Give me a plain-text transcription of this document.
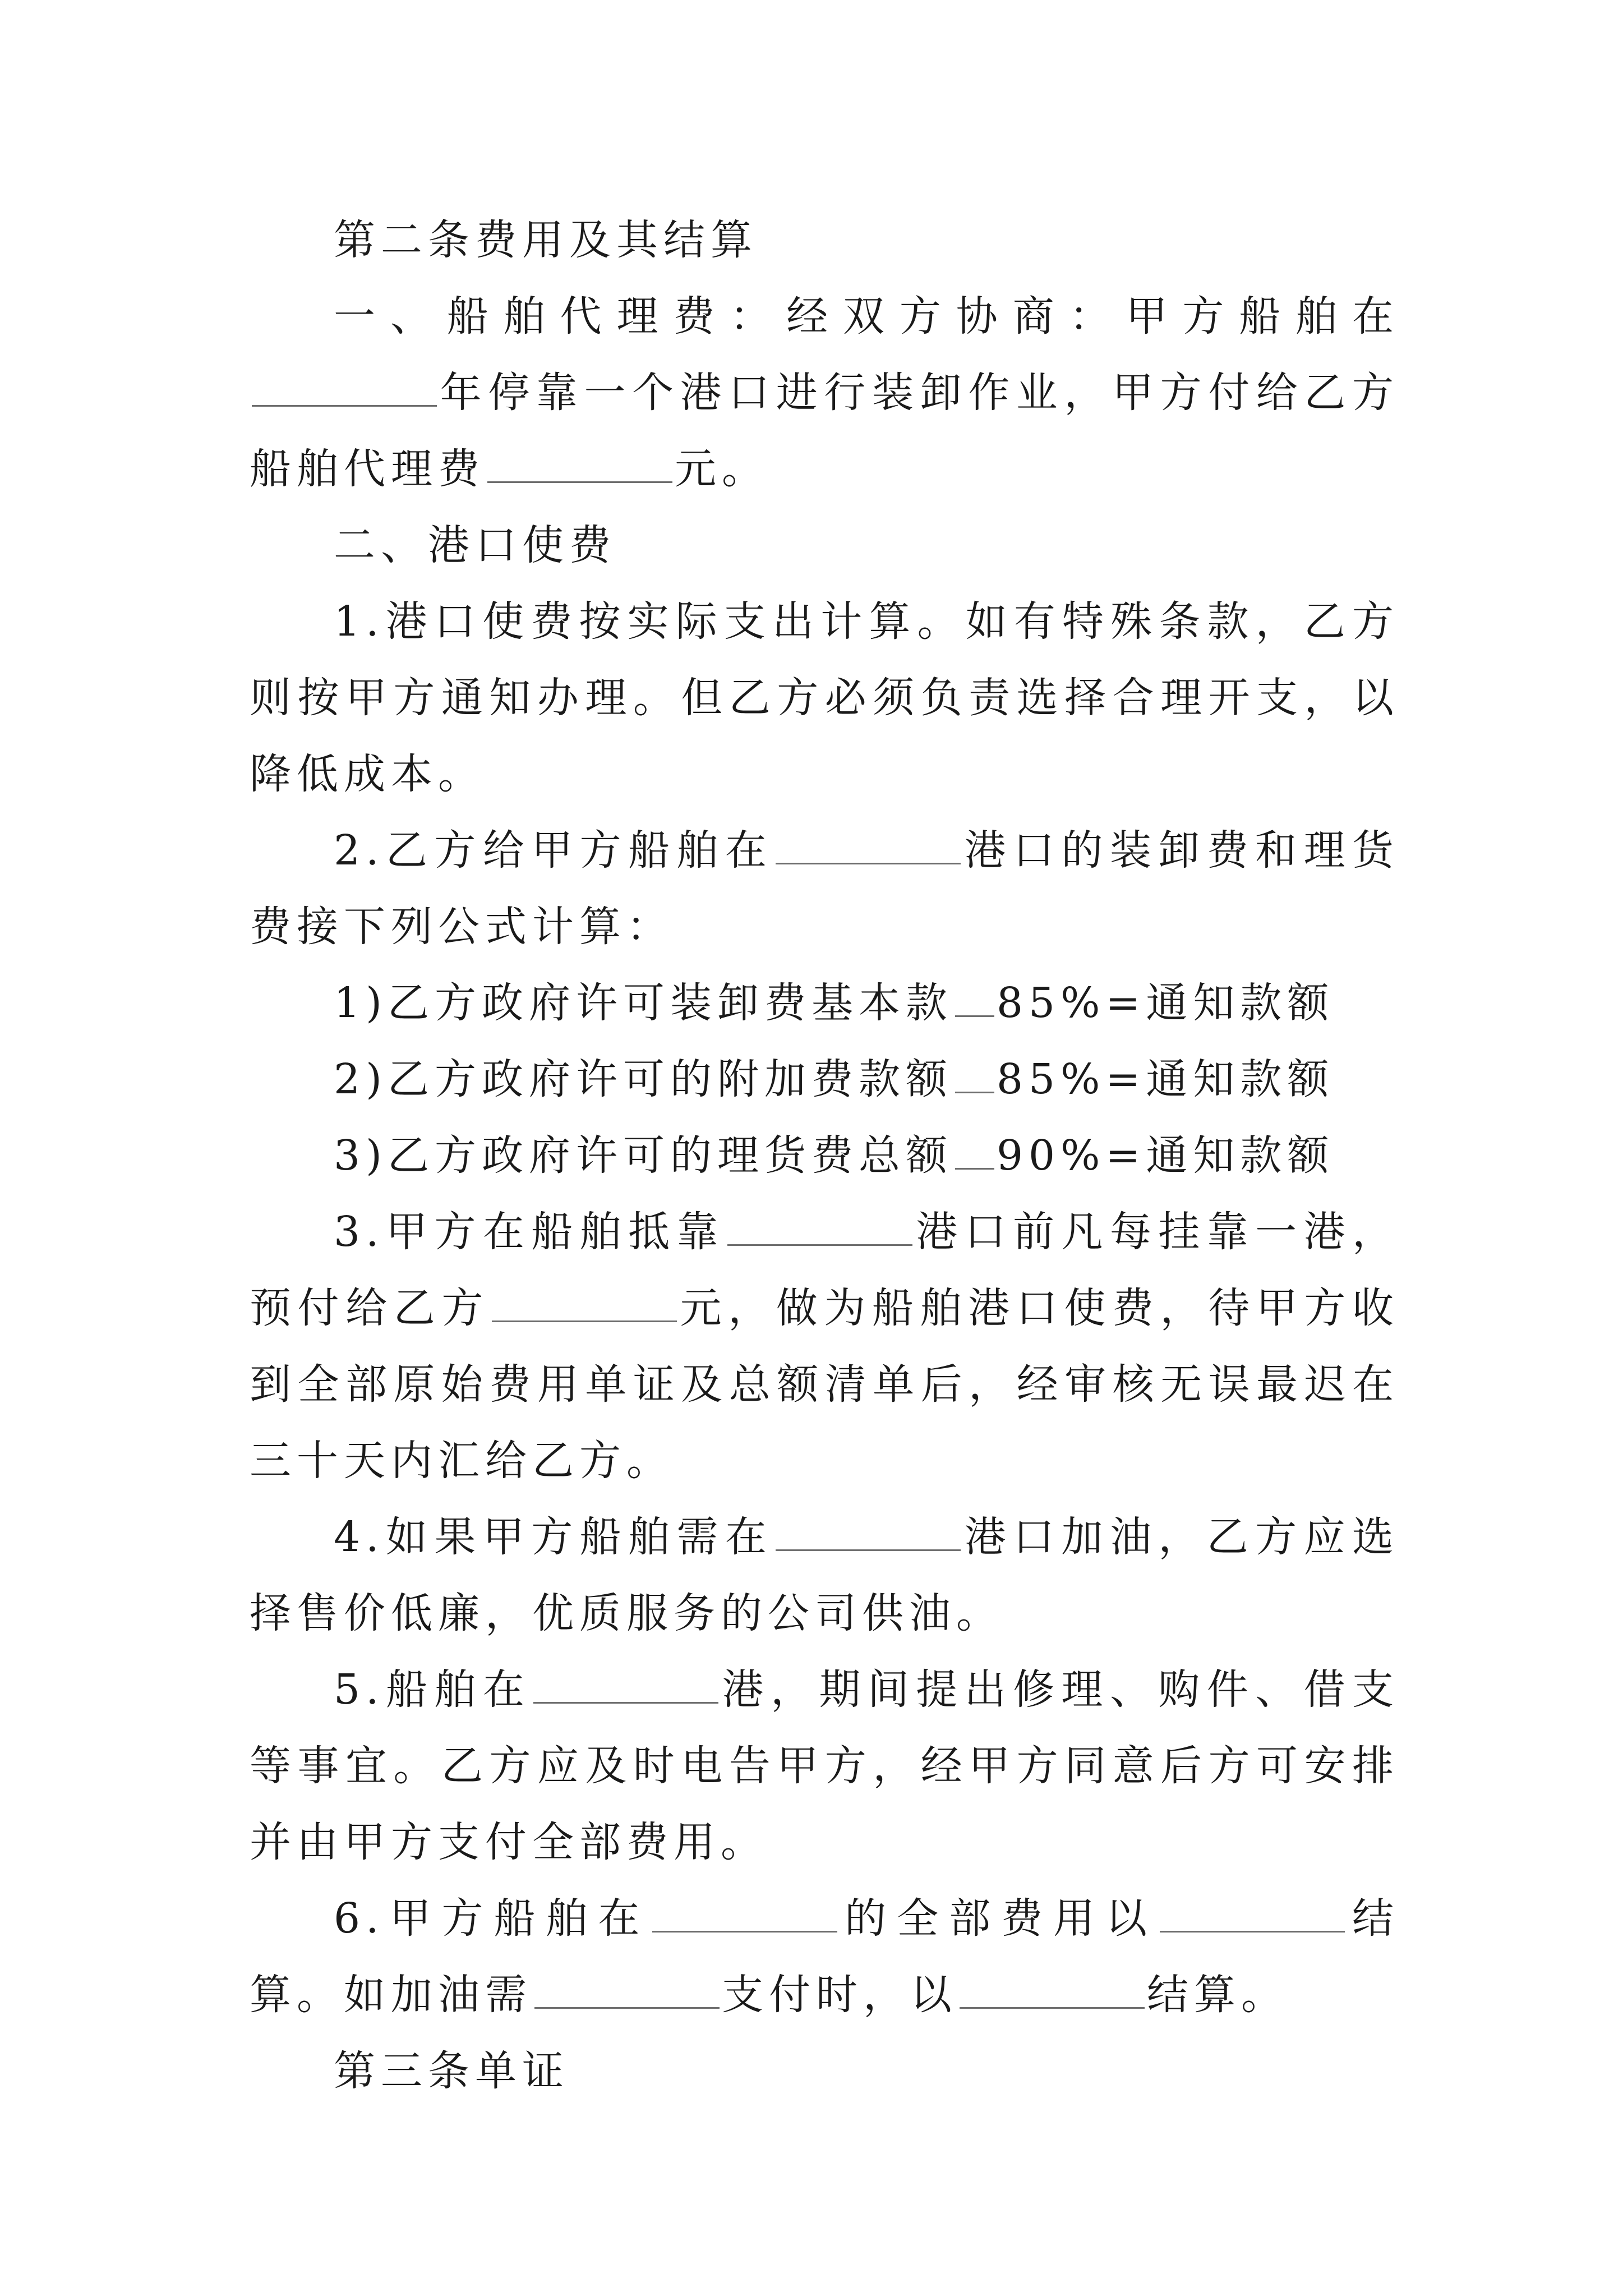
第二条费用及其结算

一、船舶代理费：经双方协商：甲方船舶在年停靠一个港口进行装卸作业，甲方付给乙方船舶代理费	元。

二、港口使费

1.港口使费按实际支出计算。如有特殊条款，乙方则按甲方通知办理。但乙方必须负责选择合理开支，以降低成本。

2.乙方给甲方船舶在	港口的装卸费和理货费接下列公式计算：

1)乙方政府许可装卸费基本款 85%=通知款额

2)乙方政府许可的附加费款额 85%=通知款额

3)乙方政府许可的理货费总额 90%=通知款额

3.甲方在船舶抵靠	港口前凡每挂靠一港，预付给乙方	元，做为船舶港口使费，待甲方收到全部原始费用单证及总额清单后，经审核无误最迟在三十天内汇给乙方。

4.如果甲方船舶需在	港口加油，乙方应选择售价低廉，优质服务的公司供油。

5.船舶在	港，期间提出修理、购件、借支等事宜。乙方应及时电告甲方，经甲方同意后方可安排并由甲方支付全部费用。

6.甲方船舶在	的全部费用以	结算。如加油需	支付时，以	结算。

第三条单证
